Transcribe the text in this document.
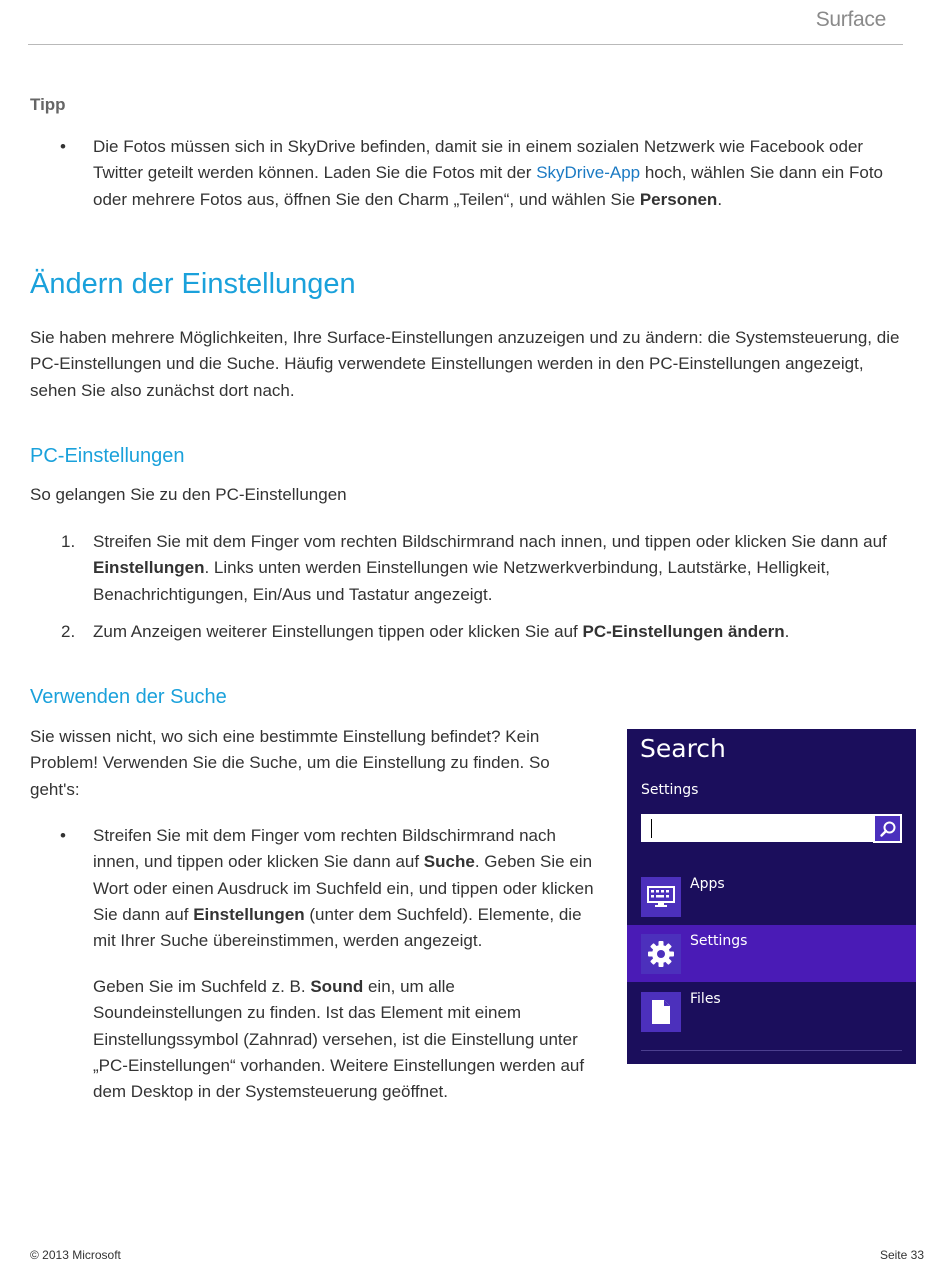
Surface
Tipp
• Die Fotos müssen sich in SkyDrive befinden, damit sie in einem sozialen Netzwerk wie Facebook oder Twitter geteilt werden können. Laden Sie die Fotos mit der SkyDrive-App hoch, wählen Sie dann ein Foto oder mehrere Fotos aus, öffnen Sie den Charm „Teilen“, und wählen Sie Personen.

Ändern der Einstellungen

Sie haben mehrere Möglichkeiten, Ihre Surface-Einstellungen anzuzeigen und zu ändern: die Systemsteuerung, die PC-Einstellungen und die Suche. Häufig verwendete Einstellungen werden in den PC-Einstellungen angezeigt, sehen Sie also zunächst dort nach.

PC-Einstellungen

So gelangen Sie zu den PC-Einstellungen

1. Streifen Sie mit dem Finger vom rechten Bildschirmrand nach innen, und tippen oder klicken Sie dann auf Einstellungen. Links unten werden Einstellungen wie Netzwerkverbindung, Lautstärke, Helligkeit, Benachrichtigungen, Ein/Aus und Tastatur angezeigt.

2. Zum Anzeigen weiterer Einstellungen tippen oder klicken Sie auf PC-Einstellungen ändern.

Verwenden der Suche

Sie wissen nicht, wo sich eine bestimmte Einstellung befindet? Kein Problem! Verwenden Sie die Suche, um die Einstellung zu finden. So geht's:

• Streifen Sie mit dem Finger vom rechten Bildschirmrand nach innen, und tippen oder klicken Sie dann auf Suche. Geben Sie ein Wort oder einen Ausdruck im Suchfeld ein, und tippen oder klicken Sie dann auf Einstellungen (unter dem Suchfeld). Elemente, die mit Ihrer Suche übereinstimmen, werden angezeigt.

Geben Sie im Suchfeld z. B. Sound ein, um alle Soundeinstellungen zu finden. Ist das Element mit einem Einstellungssymbol (Zahnrad) versehen, ist die Einstellung unter „PC-Einstellungen“ vorhanden. Weitere Einstellungen werden auf dem Desktop in der Systemsteuerung geöffnet.

Search
Settings
Apps
Settings
Files
© 2013 Microsoft	Seite 33
